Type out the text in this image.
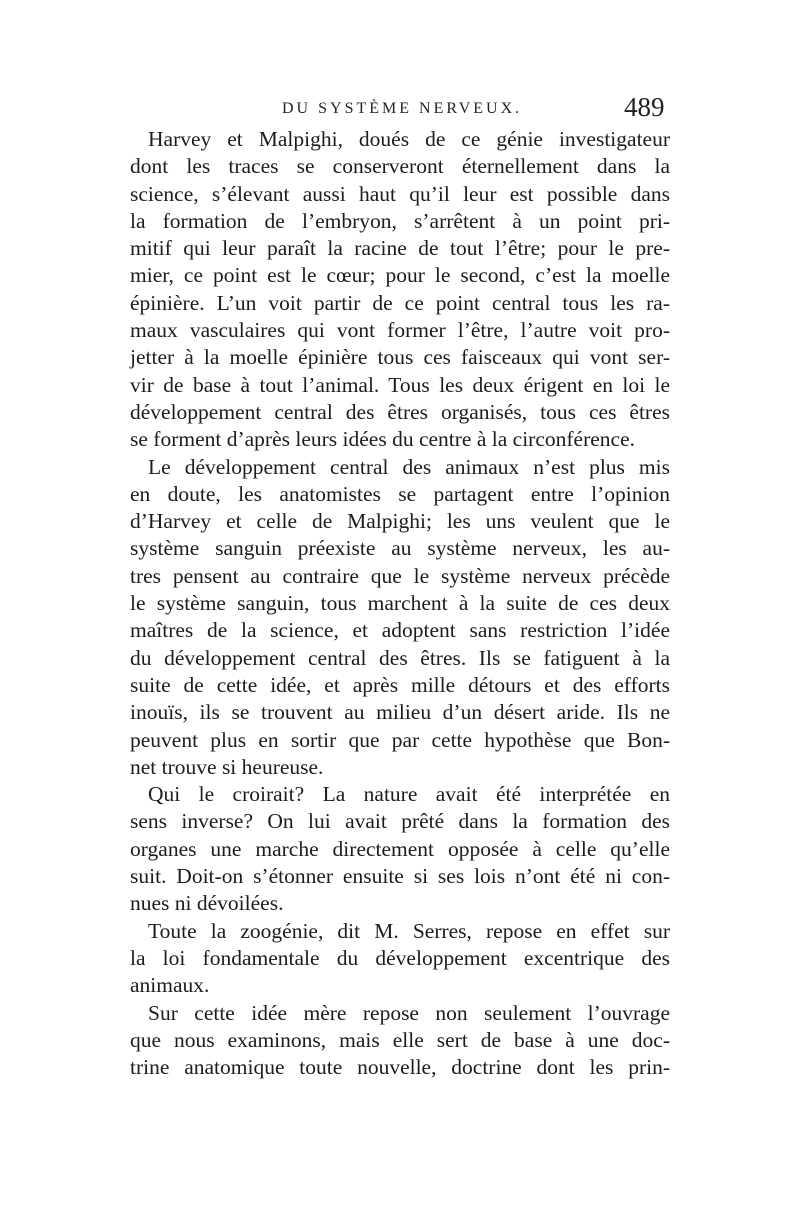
DU SYSTÈME NERVEUX.	489
Harvey et Malpighi, doués de ce génie investigateur
dont les traces se conserveront éternellement dans la
science, s’élevant aussi haut qu’il leur est possible dans
la formation de l’embryon, s’arrêtent à un point pri-
mitif qui leur paraît la racine de tout l’être; pour le pre-
mier, ce point est le cœur; pour le second, c’est la moelle
épinière. L’un voit partir de ce point central tous les ra-
maux vasculaires qui vont former l’être, l’autre voit pro-
jetter à la moelle épinière tous ces faisceaux qui vont ser-
vir de base à tout l’animal. Tous les deux érigent en loi le
développement central des êtres organisés, tous ces êtres
se forment d’après leurs idées du centre à la circonférence.
Le développement central des animaux n’est plus mis
en doute, les anatomistes se partagent entre l’opinion
d’Harvey et celle de Malpighi; les uns veulent que le
système sanguin préexiste au système nerveux, les au-
tres pensent au contraire que le système nerveux précède
le système sanguin, tous marchent à la suite de ces deux
maîtres de la science, et adoptent sans restriction l’idée
du développement central des êtres. Ils se fatiguent à la
suite de cette idée, et après mille détours et des efforts
inouïs, ils se trouvent au milieu d’un désert aride. Ils ne
peuvent plus en sortir que par cette hypothèse que Bon-
net trouve si heureuse.
Qui le croirait? La nature avait été interprétée en
sens inverse? On lui avait prêté dans la formation des
organes une marche directement opposée à celle qu’elle
suit. Doit-on s’étonner ensuite si ses lois n’ont été ni con-
nues ni dévoilées.
Toute la zoogénie, dit M. Serres, repose en effet sur
la loi fondamentale du développement excentrique des
animaux.
Sur cette idée mère repose non seulement l’ouvrage
que nous examinons, mais elle sert de base à une doc-
trine anatomique toute nouvelle, doctrine dont les prin-
